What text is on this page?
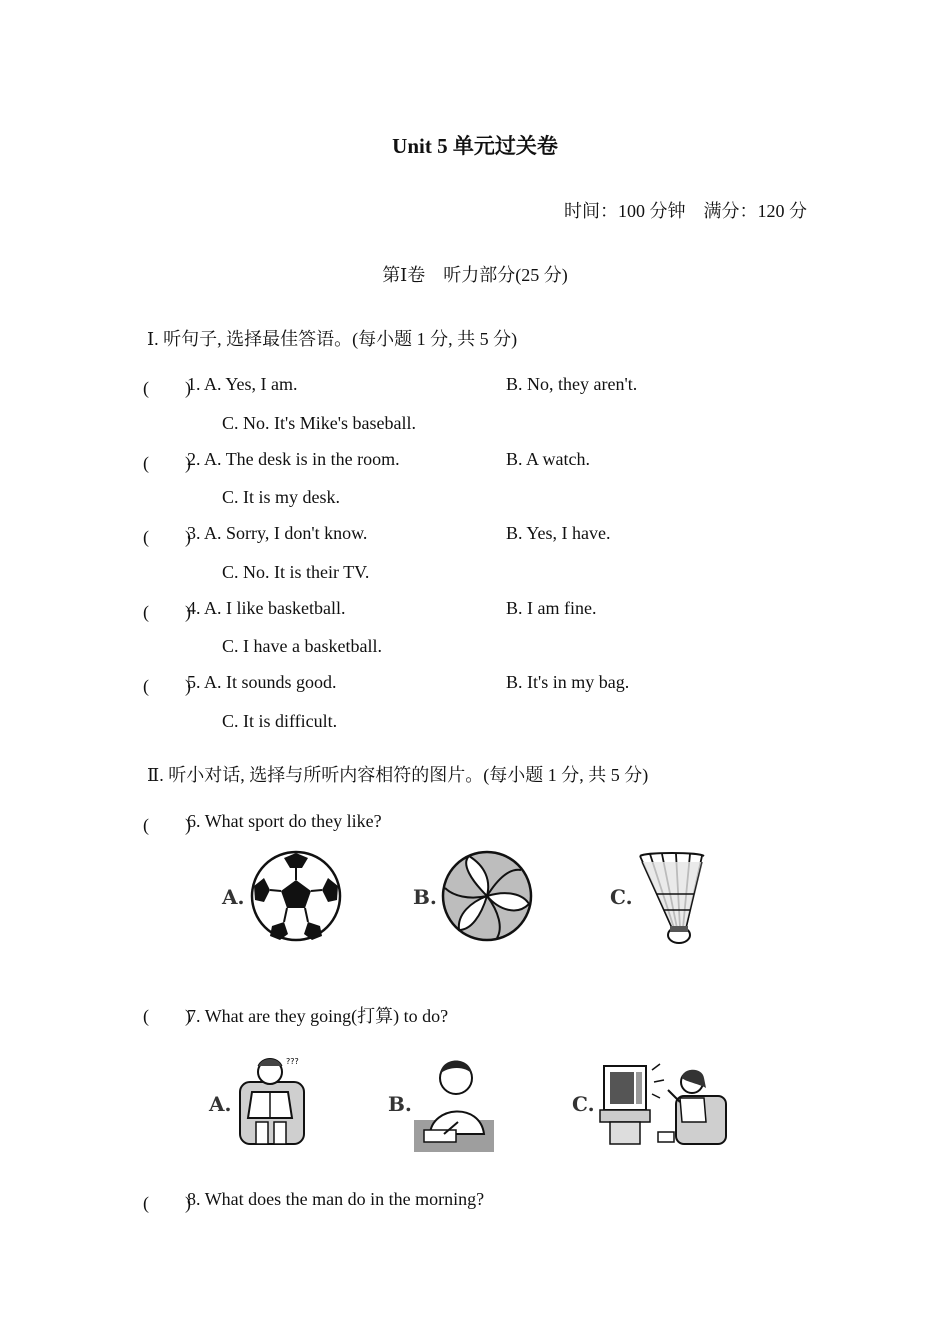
Unit 5 单元过关卷
时间：100 分钟　满分：120 分
第Ⅰ卷　听力部分(25 分)
Ⅰ. 听句子, 选择最佳答语。(每小题 1 分, 共 5 分)
(　　)
1. A. Yes, I am.	B. No, they aren't.
C. No. It's Mike's baseball.
(　　)
2. A. The desk is in the room.	B. A watch.
C. It is my desk.
(　　)
3. A. Sorry, I don't know.	B. Yes, I have.
C. No. It is their TV.
(　　)
4. A. I like basketball.	B. I am fine.
C. I have a basketball.
(　　)
5. A. It sounds good.	B. It's in my bag.
C. It is difficult.
Ⅱ. 听小对话, 选择与所听内容相符的图片。(每小题 1 分, 共 5 分)
(　　)
6. What sport do they like?
A.	B.	C.
(　　)
7. What are they going(打算) to do?
A.
???
B.	C.
(　　)
8. What does the man do in the morning?
